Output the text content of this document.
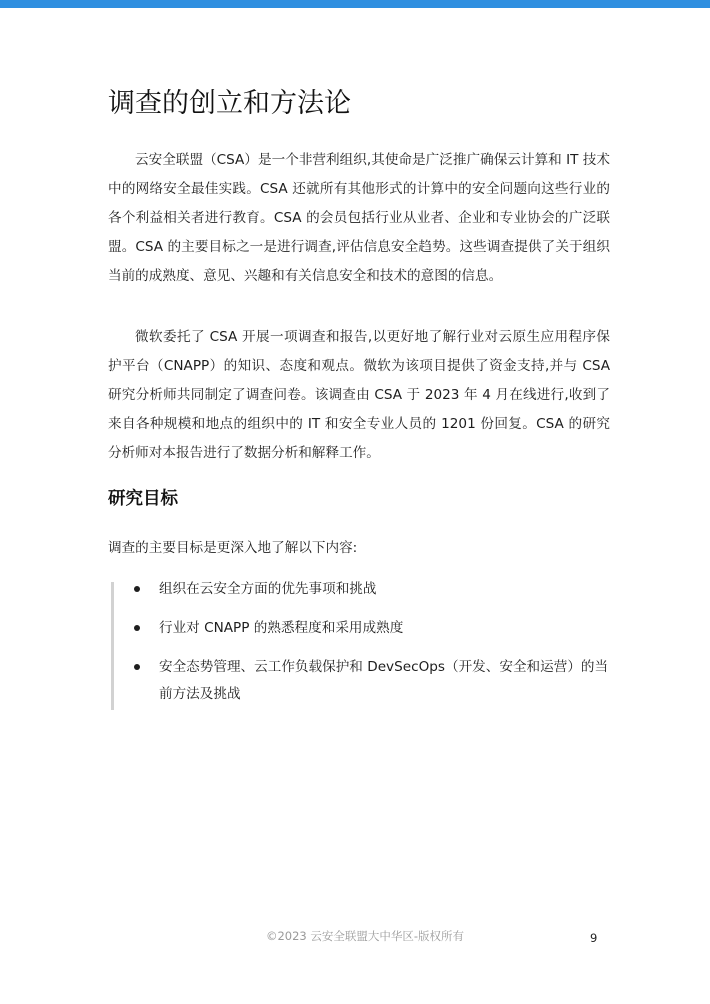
调查的创立和方法论

云安全联盟（CSA）是一个非营利组织,其使命是广泛推广确保云计算和 IT 技术中的网络安全最佳实践。CSA 还就所有其他形式的计算中的安全问题向这些行业的各个利益相关者进行教育。CSA 的会员包括行业从业者、企业和专业协会的广泛联盟。CSA 的主要目标之一是进行调查,评估信息安全趋势。这些调查提供了关于组织当前的成熟度、意见、兴趣和有关信息安全和技术的意图的信息。

微软委托了 CSA 开展一项调查和报告,以更好地了解行业对云原生应用程序保护平台（CNAPP）的知识、态度和观点。微软为该项目提供了资金支持,并与 CSA 研究分析师共同制定了调查问卷。该调查由 CSA 于 2023 年 4 月在线进行,收到了来自各种规模和地点的组织中的 IT 和安全专业人员的 1201 份回复。CSA 的研究分析师对本报告进行了数据分析和解释工作。

研究目标

调查的主要目标是更深入地了解以下内容:

组织在云安全方面的优先事项和挑战
行业对 CNAPP 的熟悉程度和采用成熟度
安全态势管理、云工作负载保护和 DevSecOps（开发、安全和运营）的当前方法及挑战
©2023 云安全联盟大中华区-版权所有	9
